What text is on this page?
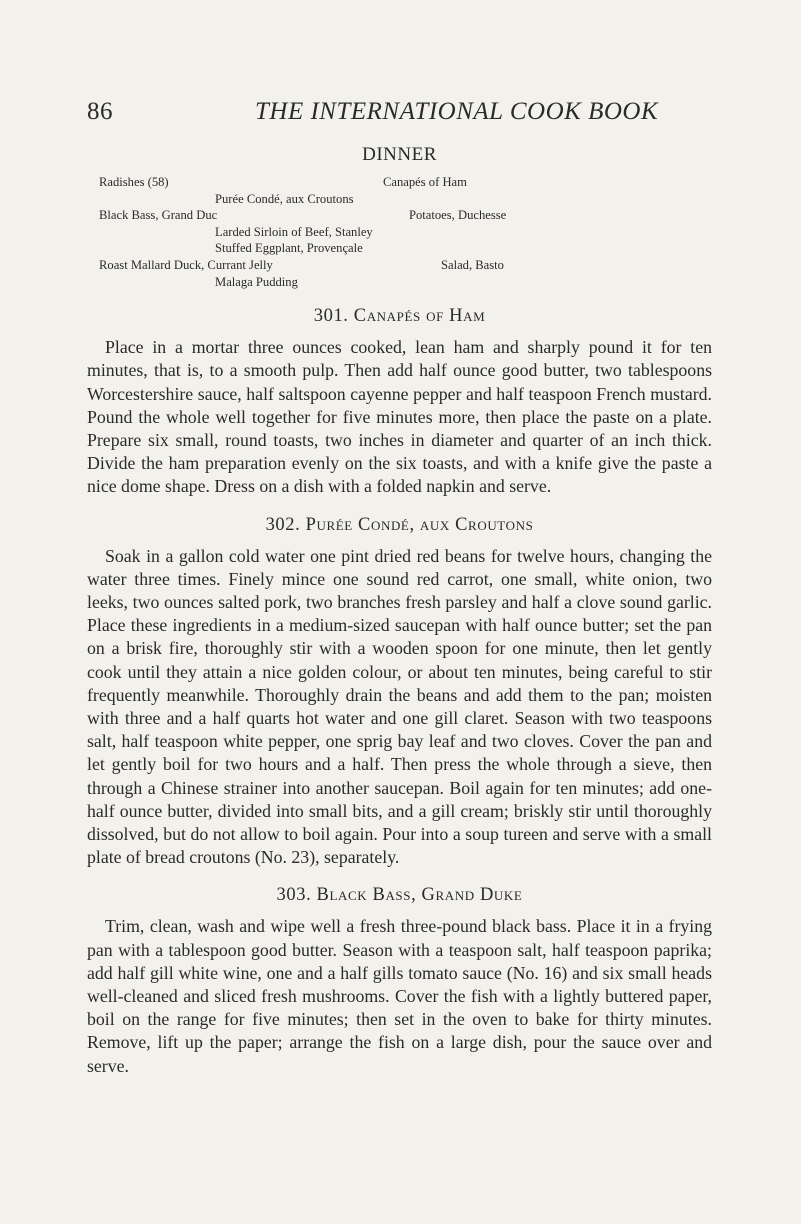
86	THE INTERNATIONAL COOK BOOK
DINNER
Radishes (58)	Canapés of Ham
Purée Condé, aux Croutons
Black Bass, Grand Duc	Potatoes, Duchesse
Larded Sirloin of Beef, Stanley
Stuffed Eggplant, Provençale
Roast Mallard Duck, Currant Jelly	Salad, Basto
Malaga Pudding
301. Canapés of Ham

Place in a mortar three ounces cooked, lean ham and sharply pound it for ten minutes, that is, to a smooth pulp. Then add half ounce good butter, two tablespoons Worcestershire sauce, half saltspoon cayenne pepper and half teaspoon French mustard. Pound the whole well together for five minutes more, then place the paste on a plate. Prepare six small, round toasts, two inches in diameter and quarter of an inch thick. Divide the ham preparation evenly on the six toasts, and with a knife give the paste a nice dome shape. Dress on a dish with a folded napkin and serve.

302. Purée Condé, aux Croutons

Soak in a gallon cold water one pint dried red beans for twelve hours, changing the water three times. Finely mince one sound red carrot, one small, white onion, two leeks, two ounces salted pork, two branches fresh parsley and half a clove sound garlic. Place these ingredients in a medium-sized saucepan with half ounce butter; set the pan on a brisk fire, thoroughly stir with a wooden spoon for one minute, then let gently cook until they attain a nice golden colour, or about ten minutes, being careful to stir frequently meanwhile. Thoroughly drain the beans and add them to the pan; moisten with three and a half quarts hot water and one gill claret. Season with two teaspoons salt, half teaspoon white pepper, one sprig bay leaf and two cloves. Cover the pan and let gently boil for two hours and a half. Then press the whole through a sieve, then through a Chinese strainer into another saucepan. Boil again for ten minutes; add one-half ounce butter, divided into small bits, and a gill cream; briskly stir until thoroughly dissolved, but do not allow to boil again. Pour into a soup tureen and serve with a small plate of bread croutons (No. 23), separately.

303. Black Bass, Grand Duke

Trim, clean, wash and wipe well a fresh three-pound black bass. Place it in a frying pan with a tablespoon good butter. Season with a teaspoon salt, half teaspoon paprika; add half gill white wine, one and a half gills tomato sauce (No. 16) and six small heads well-cleaned and sliced fresh mushrooms. Cover the fish with a lightly buttered paper, boil on the range for five minutes; then set in the oven to bake for thirty minutes. Remove, lift up the paper; arrange the fish on a large dish, pour the sauce over and serve.
